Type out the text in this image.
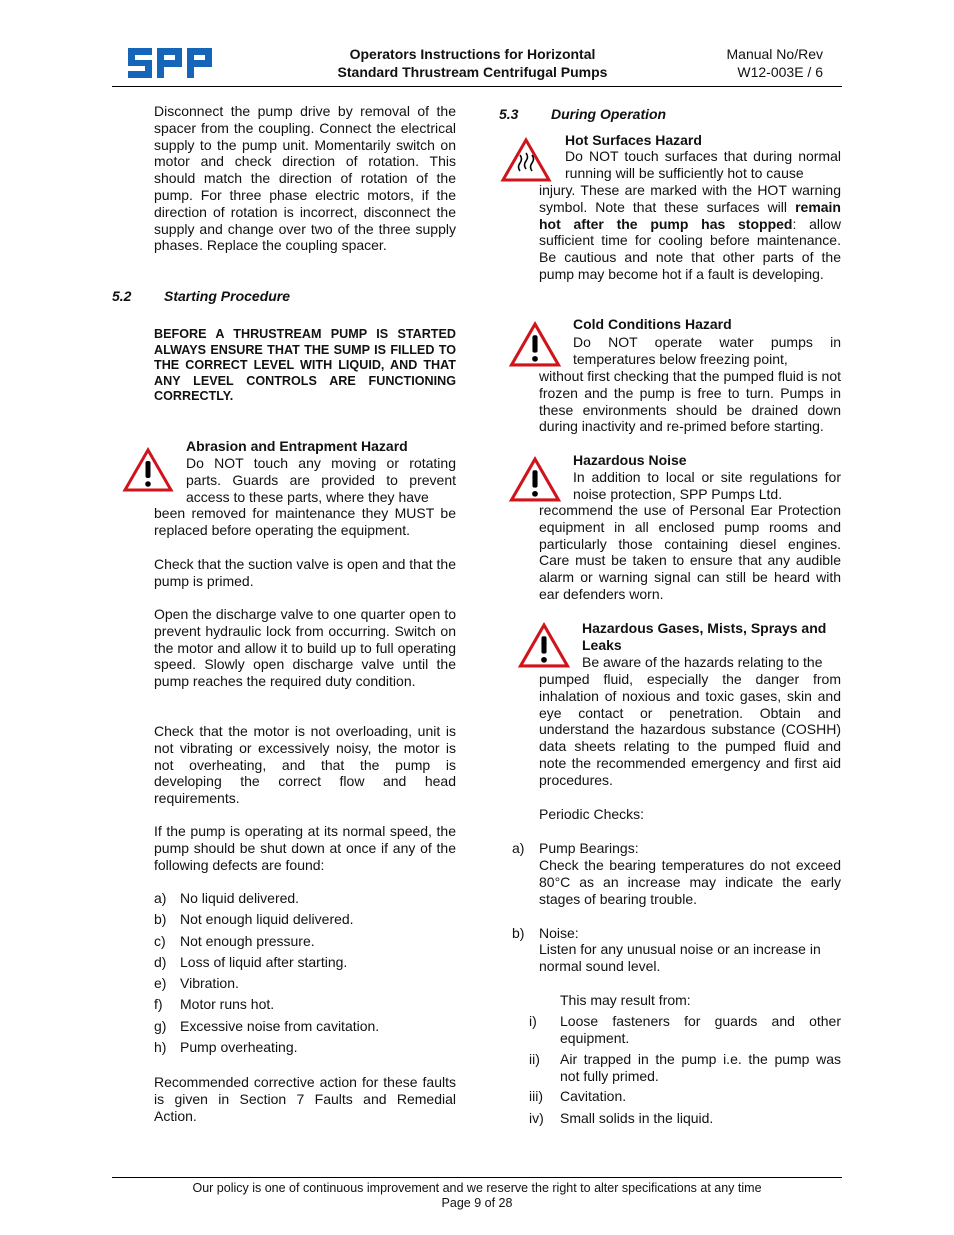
Operators Instructions for Horizontal
Standard Thrustream Centrifugal Pumps
Manual No/Rev
W12-003E / 6

Disconnect the pump drive by removal of the spacer from the coupling. Connect the electrical supply to the pump unit. Momentarily switch on motor and check direction of rotation. This should match the direction of rotation of the pump. For three phase electric motors, if the direction of rotation is incorrect, disconnect the supply and change over two of the three supply phases. Replace the coupling spacer.

5.2 Starting Procedure

BEFORE A THRUSTREAM PUMP IS STARTED ALWAYS ENSURE THAT THE SUMP IS FILLED TO THE CORRECT LEVEL WITH LIQUID, AND THAT ANY LEVEL CONTROLS ARE FUNCTIONING CORRECTLY.

Abrasion and Entrapment Hazard

Do NOT touch any moving or rotating parts. Guards are provided to prevent access to these parts, where they have

been removed for maintenance they MUST be replaced before operating the equipment.

Check that the suction valve is open and that the pump is primed.

Open the discharge valve to one quarter open to prevent hydraulic lock from occurring. Switch on the motor and allow it to build up to full operating speed. Slowly open discharge valve until the pump reaches the required duty condition.

Check that the motor is not overloading, unit is not vibrating or excessively noisy, the motor is not overheating, and that the pump is developing the correct flow and head requirements.

If the pump is operating at its normal speed, the pump should be shut down at once if any of the following defects are found:

a) No liquid delivered.
b) Not enough liquid delivered.
c)	Not enough pressure.
d) Loss of liquid after starting.
e) Vibration.
f)	Motor runs hot.
g) Excessive noise from cavitation.
h) Pump overheating.

Recommended corrective action for these faults is given in Section 7 Faults and Remedial Action.

5.3 During Operation
Hot Surfaces Hazard

Do NOT touch surfaces that during normal running will be sufficiently hot to cause

injury. These are marked with the HOT warning symbol. Note that these surfaces will remain hot after the pump has stopped: allow sufficient time for cooling before maintenance. Be cautious and note that other parts of the pump may become hot if a fault is developing.

Cold Conditions Hazard

Do NOT operate water pumps in temperatures below freezing point,

without first checking that the pumped fluid is not frozen and the pump is free to turn. Pumps in these environments should be drained down during inactivity and re-primed before starting.

Hazardous Noise

In addition to local or site regulations for noise protection, SPP Pumps Ltd.

recommend the use of Personal Ear Protection equipment in all enclosed pump rooms and particularly those containing diesel engines. Care must be taken to ensure that any audible alarm or warning signal can still be heard with ear defenders worn.

Hazardous Gases, Mists, Sprays and Leaks

Be aware of the hazards relating to the

pumped fluid, especially the danger from inhalation of noxious and toxic gases, skin and eye contact or penetration. Obtain and understand the hazardous substance (COSHH) data sheets relating to the pumped fluid and note the recommended emergency and first aid procedures.

Periodic Checks:

a) Pump Bearings:

Check the bearing temperatures do not exceed 80°C as an increase may indicate the early stages of bearing trouble.

b) Noise:

Listen for any unusual noise or an increase in normal sound level.

This may result from:

i)	Loose fasteners for guards and other equipment.
ii)	Air trapped in the pump i.e. the pump was not fully primed.
iii)	Cavitation.
iv)	Small solids in the liquid.
Our policy is one of continuous improvement and we reserve the right to alter specifications at any time
Page 9 of 28
